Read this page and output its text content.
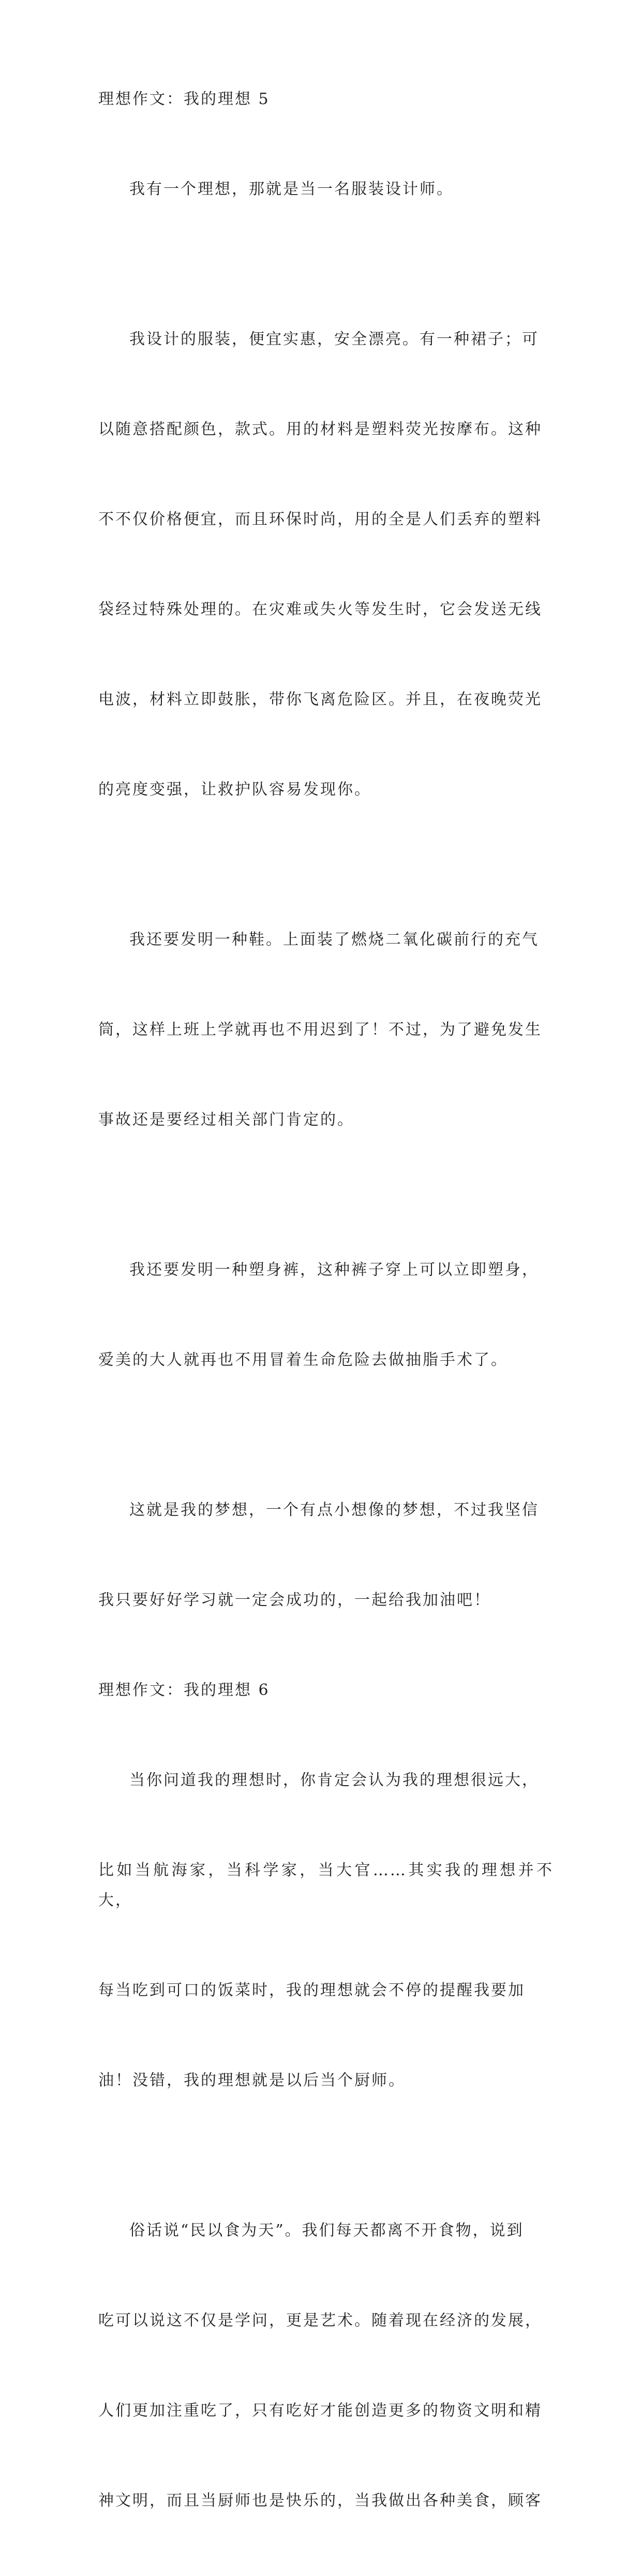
理想作文：我的理想 5

我有一个理想，那就是当一名服装设计师。

我设计的服装，便宜实惠，安全漂亮。有一种裙子；可

以随意搭配颜色，款式。用的材料是塑料荧光按摩布。这种

不不仅价格便宜，而且环保时尚，用的全是人们丢弃的塑料

袋经过特殊处理的。在灾难或失火等发生时，它会发送无线

电波，材料立即鼓胀，带你飞离危险区。并且，在夜晚荧光

的亮度变强，让救护队容易发现你。

我还要发明一种鞋。上面装了燃烧二氧化碳前行的充气

筒，这样上班上学就再也不用迟到了！不过，为了避免发生

事故还是要经过相关部门肯定的。

我还要发明一种塑身裤，这种裤子穿上可以立即塑身，

爱美的大人就再也不用冒着生命危险去做抽脂手术了。

这就是我的梦想，一个有点小想像的梦想，不过我坚信

我只要好好学习就一定会成功的，一起给我加油吧！

理想作文：我的理想 6

当你问道我的理想时，你肯定会认为我的理想很远大，

比如当航海家，当科学家，当大官……其实我的理想并不大，

每当吃到可口的饭菜时，我的理想就会不停的提醒我要加

油！没错，我的理想就是以后当个厨师。

俗话说“民以食为天”。我们每天都离不开食物，说到

吃可以说这不仅是学问，更是艺术。随着现在经济的发展，

人们更加注重吃了，只有吃好才能创造更多的物资文明和精

神文明，而且当厨师也是快乐的，当我做出各种美食，顾客
